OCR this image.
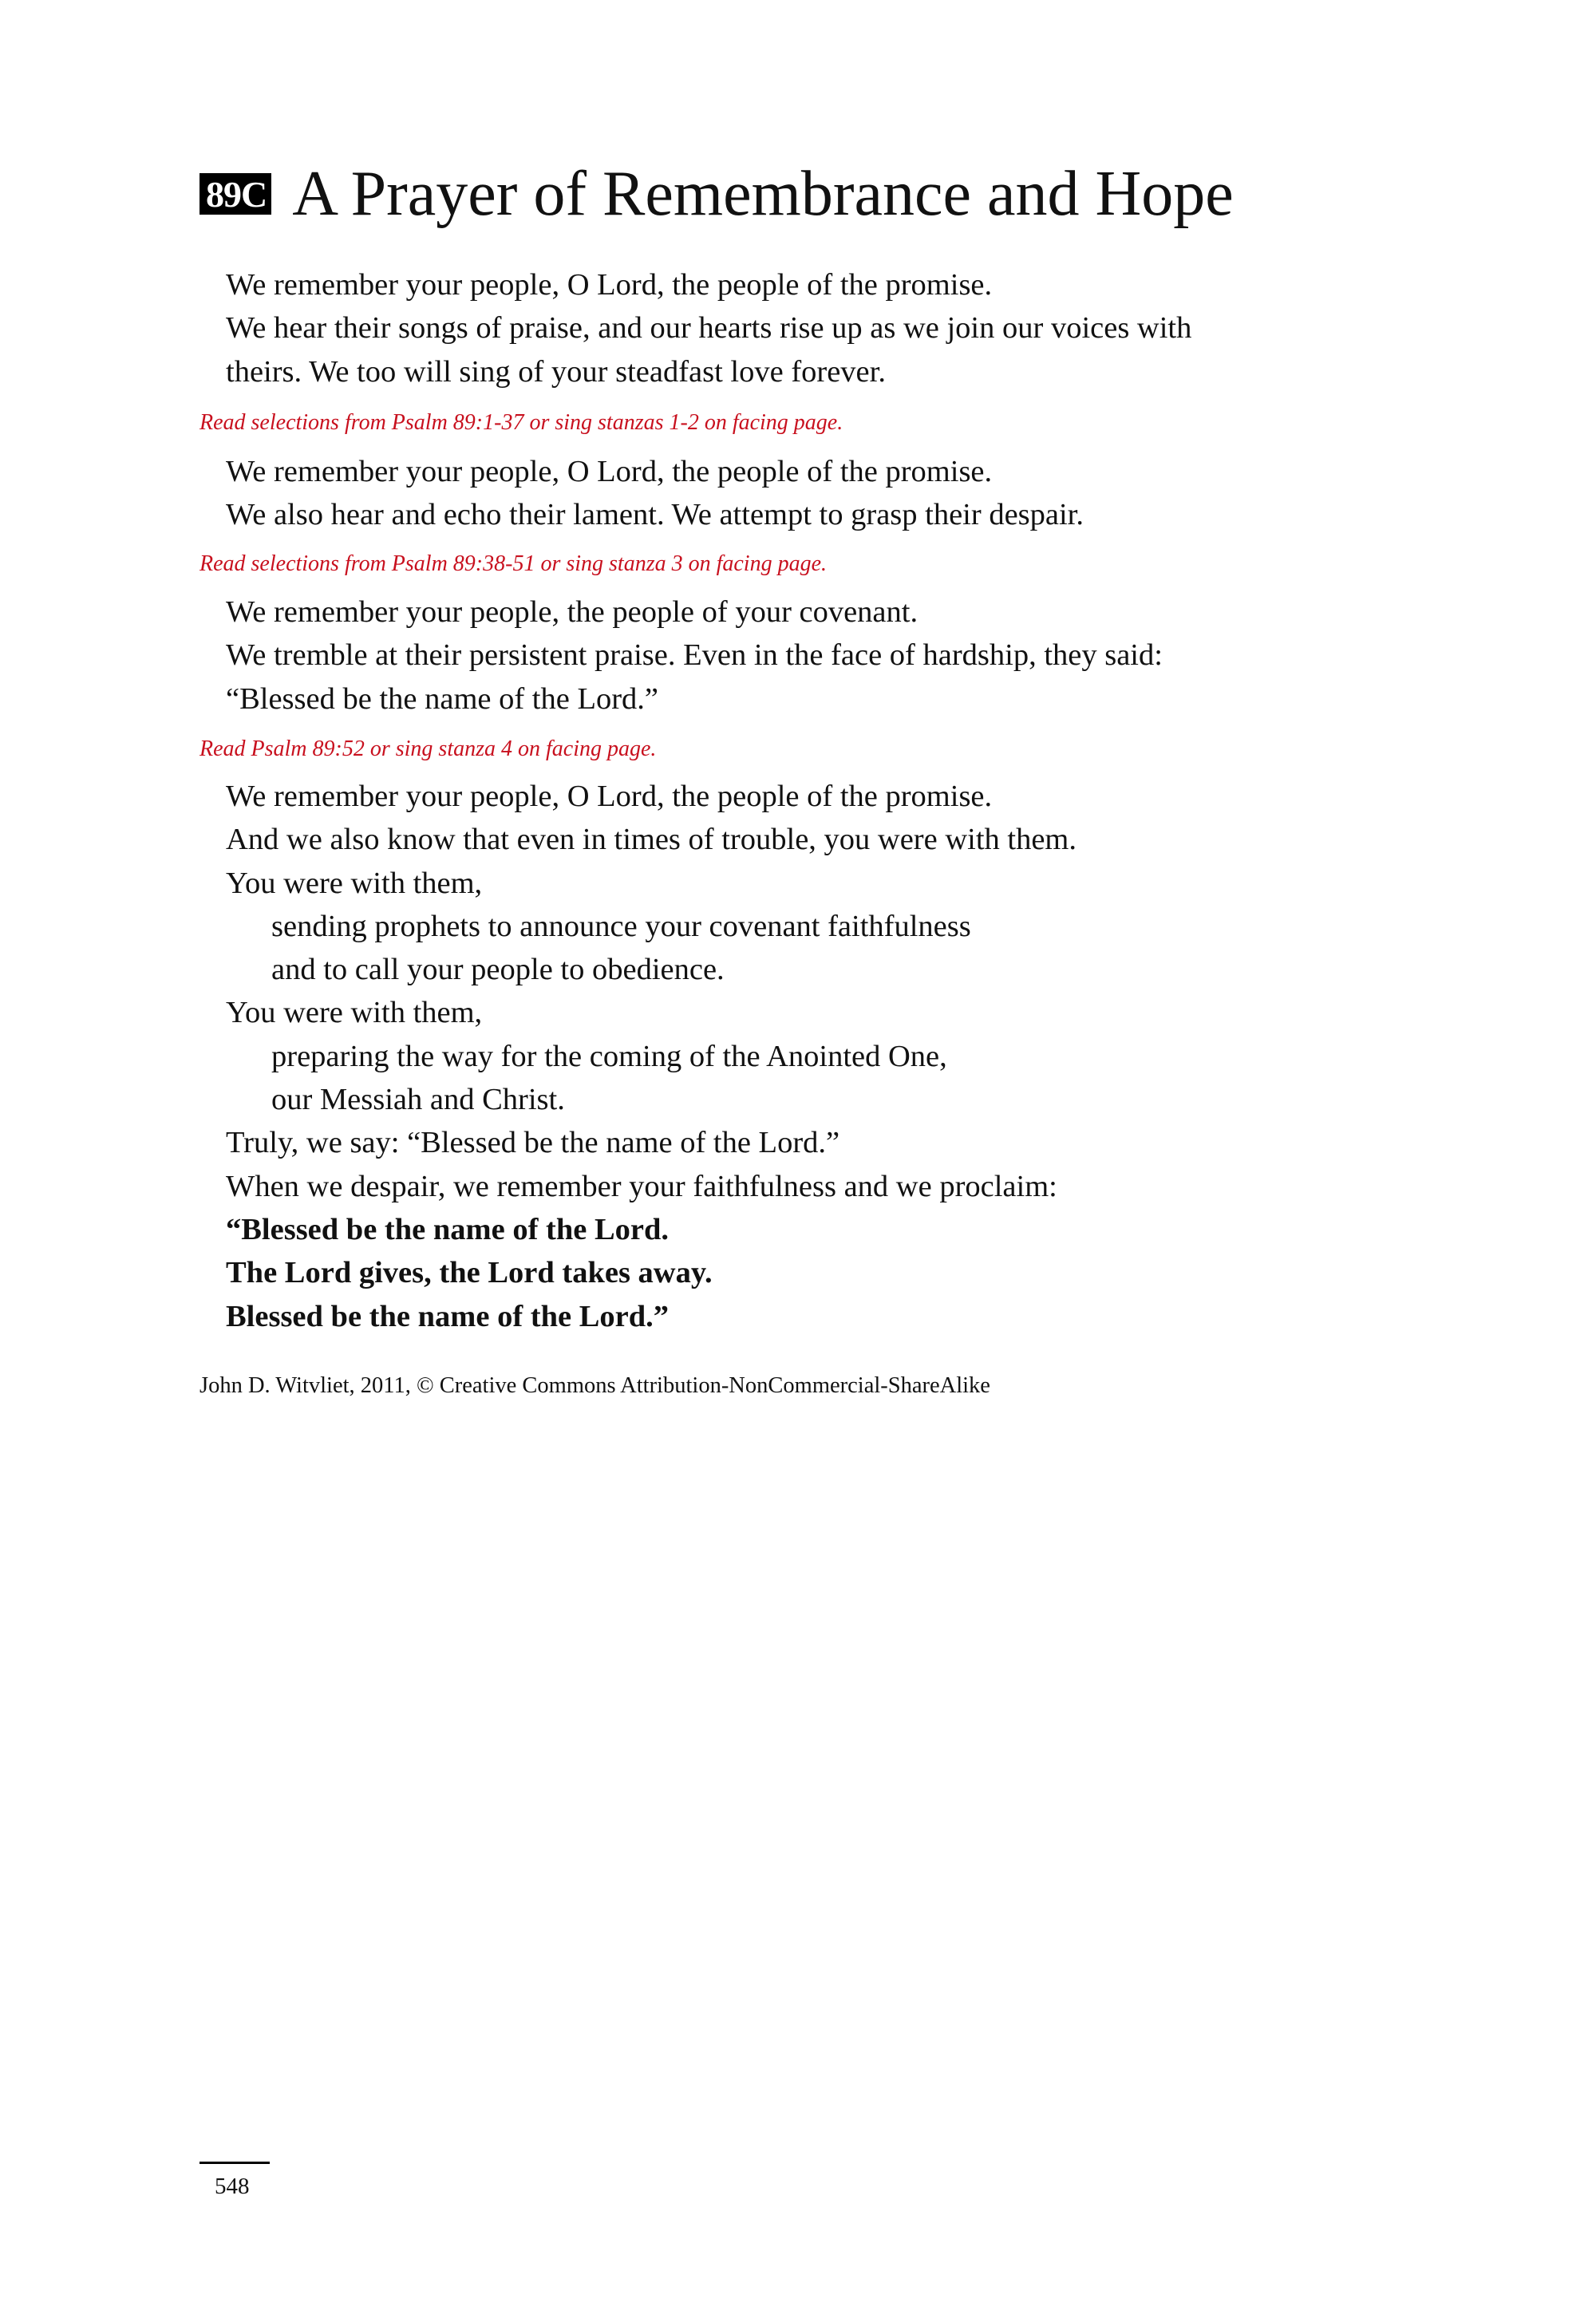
89C A Prayer of Remembrance and Hope
We remember your people, O Lord, the people of the promise.
We hear their songs of praise, and our hearts rise up as we join our voices with
theirs. We too will sing of your steadfast love forever.
Read selections from Psalm 89:1-37 or sing stanzas 1-2 on facing page.
We remember your people, O Lord, the people of the promise.
We also hear and echo their lament. We attempt to grasp their despair.
Read selections from Psalm 89:38-51 or sing stanza 3 on facing page.
We remember your people, the people of your covenant.
We tremble at their persistent praise. Even in the face of hardship, they said:
“Blessed be the name of the Lord.”
Read Psalm 89:52 or sing stanza 4 on facing page.
We remember your people, O Lord, the people of the promise.
And we also know that even in times of trouble, you were with them.
You were with them,
sending prophets to announce your covenant faithfulness
and to call your people to obedience.
You were with them,
preparing the way for the coming of the Anointed One,
our Messiah and Christ.
Truly, we say: “Blessed be the name of the Lord.”
When we despair, we remember your faithfulness and we proclaim:
“Blessed be the name of the Lord.
The Lord gives, the Lord takes away.
Blessed be the name of the Lord.”
John D. Witvliet, 2011, © Creative Commons Attribution-NonCommercial-ShareAlike
548
